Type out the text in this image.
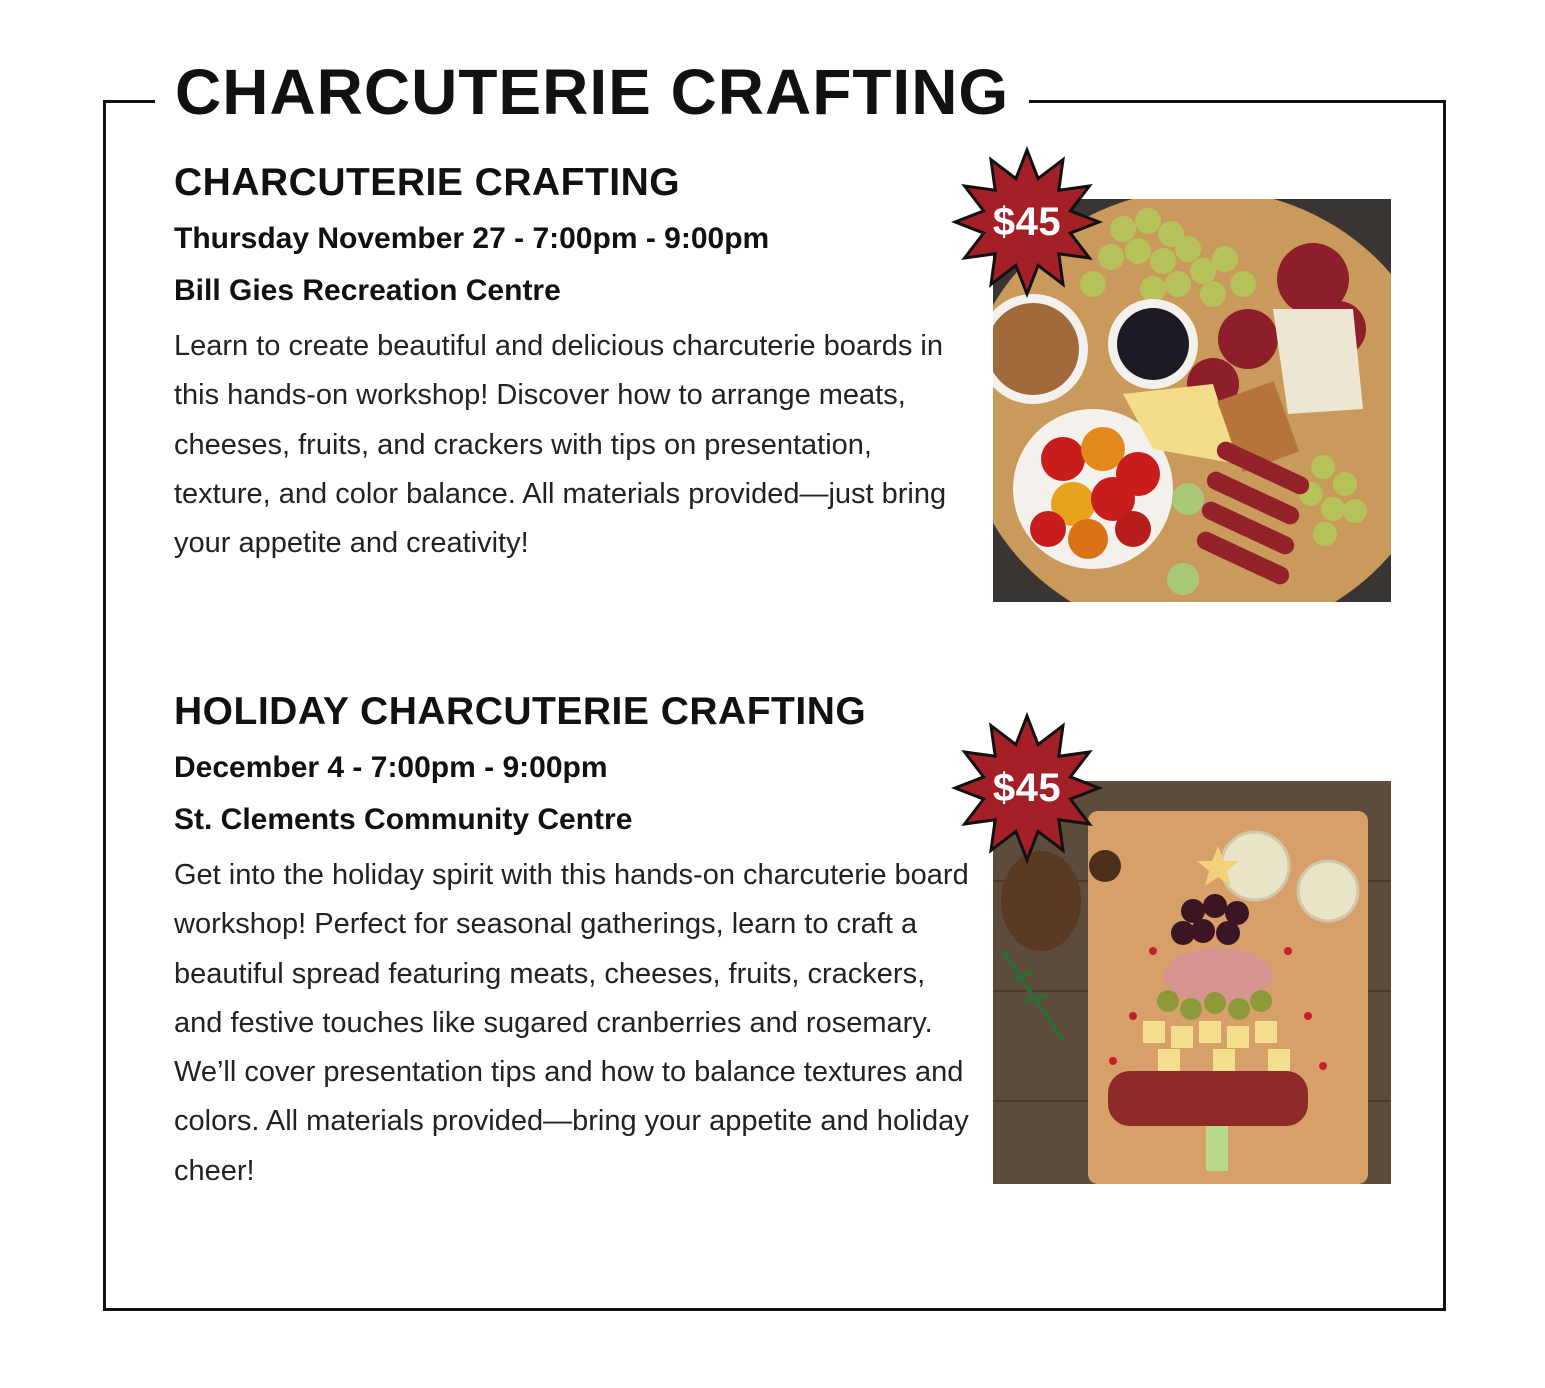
CHARCUTERIE CRAFTING
CHARCUTERIE CRAFTING
Thursday November 27 - 7:00pm - 9:00pm
Bill Gies Recreation Centre
Learn to create beautiful and delicious charcuterie boards in this hands-on workshop! Discover how to arrange meats, cheeses, fruits, and crackers with tips on presentation, texture, and color balance. All materials provided—just bring your appetite and creativity!
$45
HOLIDAY CHARCUTERIE CRAFTING
December 4 - 7:00pm - 9:00pm
St. Clements Community Centre
Get into the holiday spirit with this hands-on charcuterie board workshop! Perfect for seasonal gatherings, learn to craft a beautiful spread featuring meats, cheeses, fruits, crackers, and festive touches like sugared cranberries and rosemary. We’ll cover presentation tips and how to balance textures and colors. All materials provided—bring your appetite and holiday cheer!
$45
